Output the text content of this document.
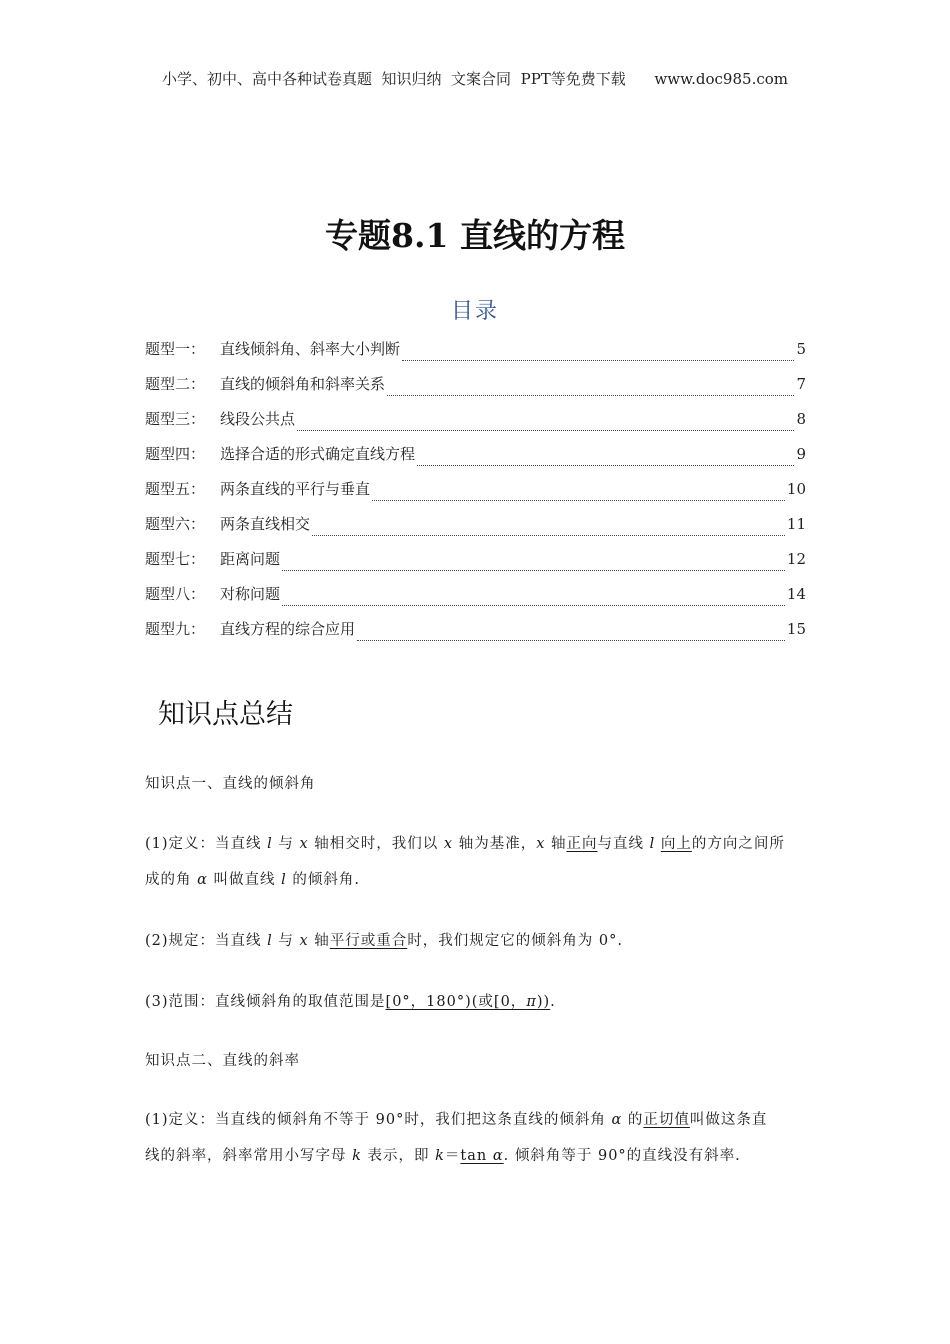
小学、初中、高中各种试卷真题  知识归纳  文案合同  PPT等免费下载      www.doc985.com
专题8.1 直线的方程
目录
题型一： 直线倾斜角、斜率大小判断	5
题型二： 直线的倾斜角和斜率关系	7
题型三： 线段公共点	8
题型四： 选择合适的形式确定直线方程	9
题型五： 两条直线的平行与垂直	10
题型六： 两条直线相交	11
题型七： 距离问题	12
题型八： 对称问题	14
题型九： 直线方程的综合应用	15
知识点总结
知识点一、直线的倾斜角
(1)定义：当直线 l 与 x 轴相交时，我们以 x 轴为基准，x 轴正向与直线 l 向上的方向之间所
成的角 α 叫做直线 l 的倾斜角.
(2)规定：当直线 l 与 x 轴平行或重合时，我们规定它的倾斜角为 0°.
(3)范围：直线倾斜角的取值范围是[0°，180°)(或[0，π)).
知识点二、直线的斜率
(1)定义：当直线的倾斜角不等于 90°时，我们把这条直线的倾斜角 α 的正切值叫做这条直
线的斜率，斜率常用小写字母 k 表示，即 k＝tan α. 倾斜角等于 90°的直线没有斜率.
